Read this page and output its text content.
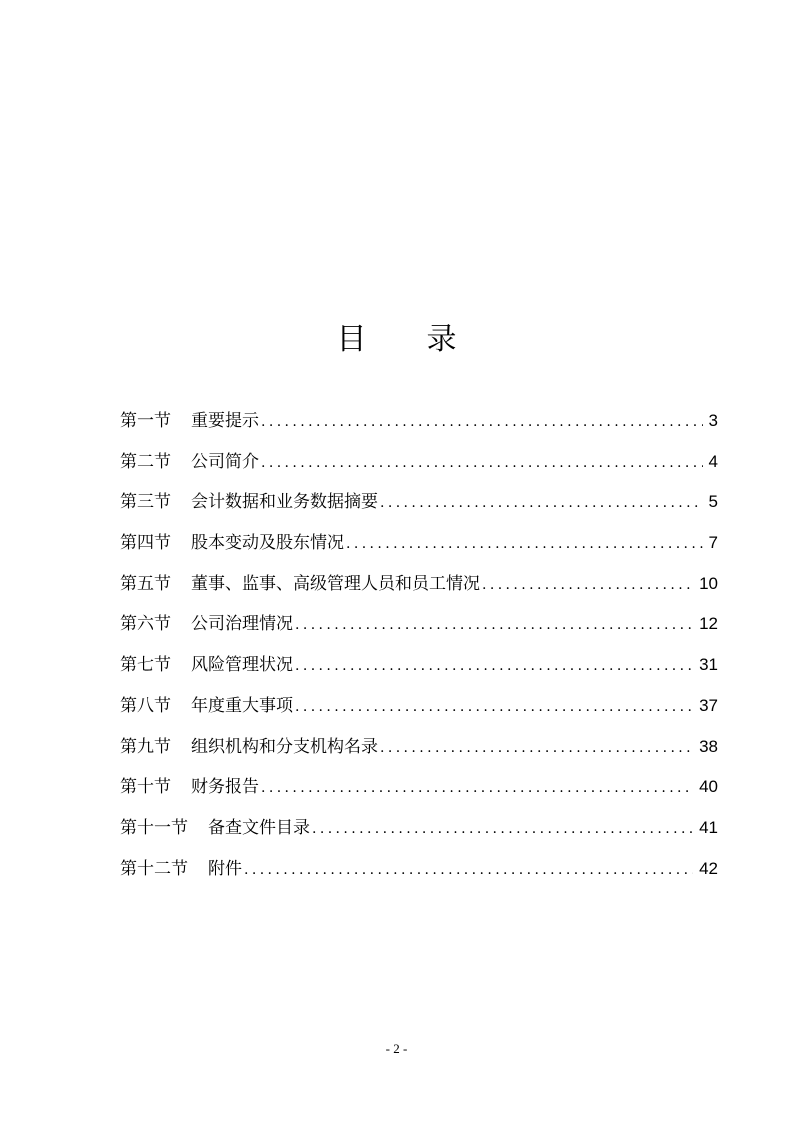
目 录
第一节 重要提示 .....	3
第二节 公司简介 .....	4
第三节 会计数据和业务数据摘要 .....	5
第四节 股本变动及股东情况 .....	7
第五节 董事、监事、高级管理人员和员工情况 .....	10
第六节 公司治理情况 .....	12
第七节 风险管理状况 .....	31
第八节 年度重大事项 .....	37
第九节 组织机构和分支机构名录 .....	38
第十节 财务报告 .....	40
第十一节 备查文件目录 .....	41
第十二节 附件 .....	42
- 2 -
